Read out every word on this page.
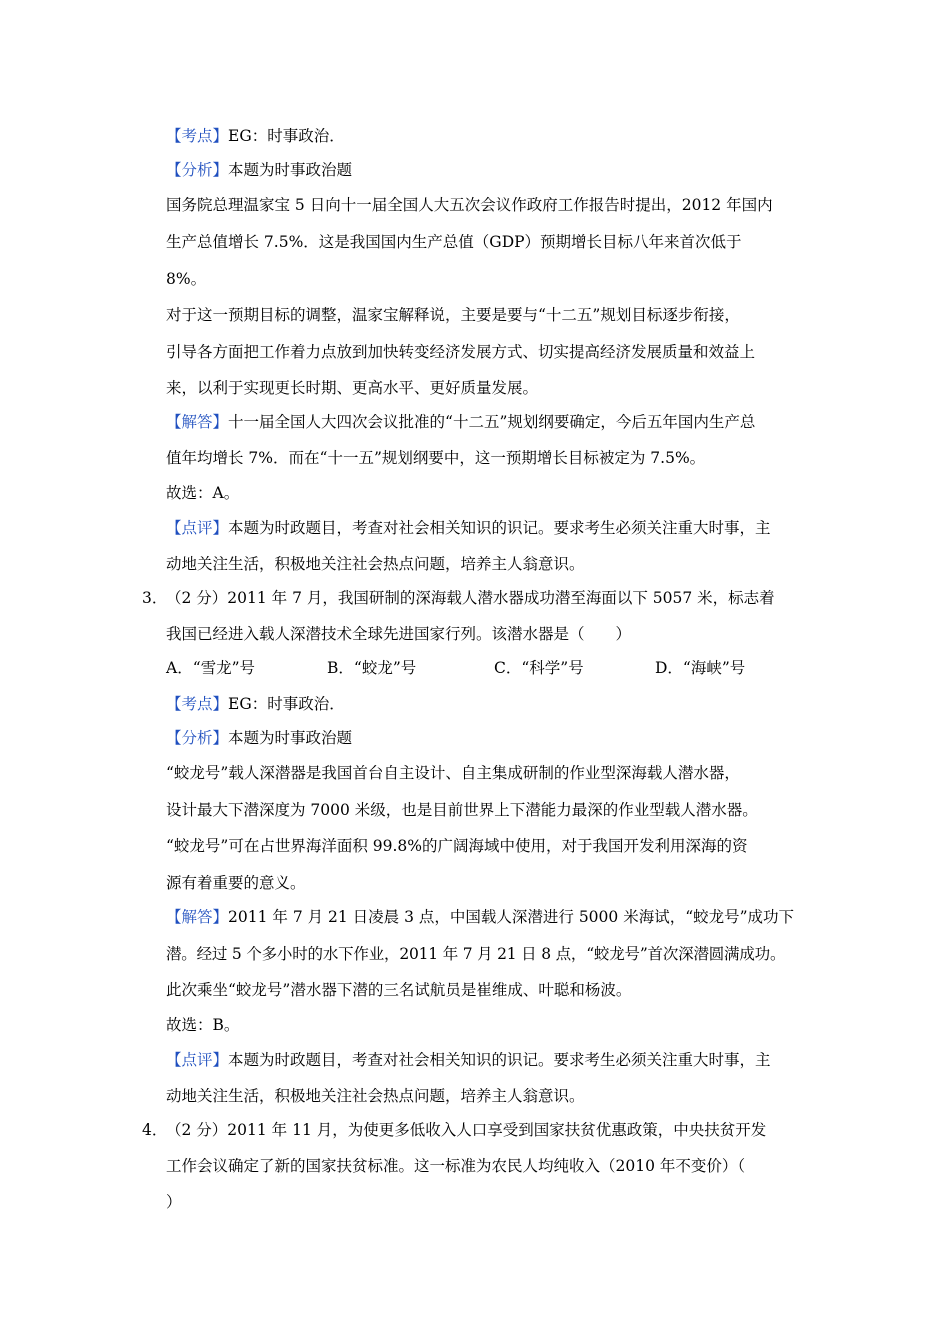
【考点】EG：时事政治．
【分析】本题为时事政治题
国务院总理温家宝 5 日向十一届全国人大五次会议作政府工作报告时提出，2012 年国内
生产总值增长 7.5%．这是我国国内生产总值（GDP）预期增长目标八年来首次低于
8%。
对于这一预期目标的调整，温家宝解释说，主要是要与“十二五”规划目标逐步衔接，
引导各方面把工作着力点放到加快转变经济发展方式、切实提高经济发展质量和效益上
来，以利于实现更长时期、更高水平、更好质量发展。
【解答】十一届全国人大四次会议批准的“十二五”规划纲要确定，今后五年国内生产总
值年均增长 7%．而在“十一五”规划纲要中，这一预期增长目标被定为 7.5%。
故选：A。
【点评】本题为时政题目，考查对社会相关知识的识记。要求考生必须关注重大时事，主
动地关注生活，积极地关注社会热点问题，培养主人翁意识。
3．
（2 分）2011 年 7 月，我国研制的深海载人潜水器成功潜至海面以下 5057 米，标志着
我国已经进入载人深潜技术全球先进国家行列。该潜水器是（　　）
A．“雪龙”号	B．“蛟龙”号	C．“科学”号	D．“海峡”号
【考点】EG：时事政治．
【分析】本题为时事政治题
“蛟龙号”载人深潜器是我国首台自主设计、自主集成研制的作业型深海载人潜水器，
设计最大下潜深度为 7000 米级，也是目前世界上下潜能力最深的作业型载人潜水器。
“蛟龙号”可在占世界海洋面积 99.8%的广阔海域中使用，对于我国开发利用深海的资
源有着重要的意义。
【解答】2011 年 7 月 21 日凌晨 3 点，中国载人深潜进行 5000 米海试，“蛟龙号”成功下
潜。经过 5 个多小时的水下作业，2011 年 7 月 21 日 8 点，“蛟龙号”首次深潜圆满成功。
此次乘坐“蛟龙号”潜水器下潜的三名试航员是崔维成、叶聪和杨波。
故选：B。
【点评】本题为时政题目，考查对社会相关知识的识记。要求考生必须关注重大时事，主
动地关注生活，积极地关注社会热点问题，培养主人翁意识。
4．
（2 分）2011 年 11 月，为使更多低收入人口享受到国家扶贫优惠政策，中央扶贫开发
工作会议确定了新的国家扶贫标准。这一标准为农民人均纯收入（2010 年不变价）（
）
